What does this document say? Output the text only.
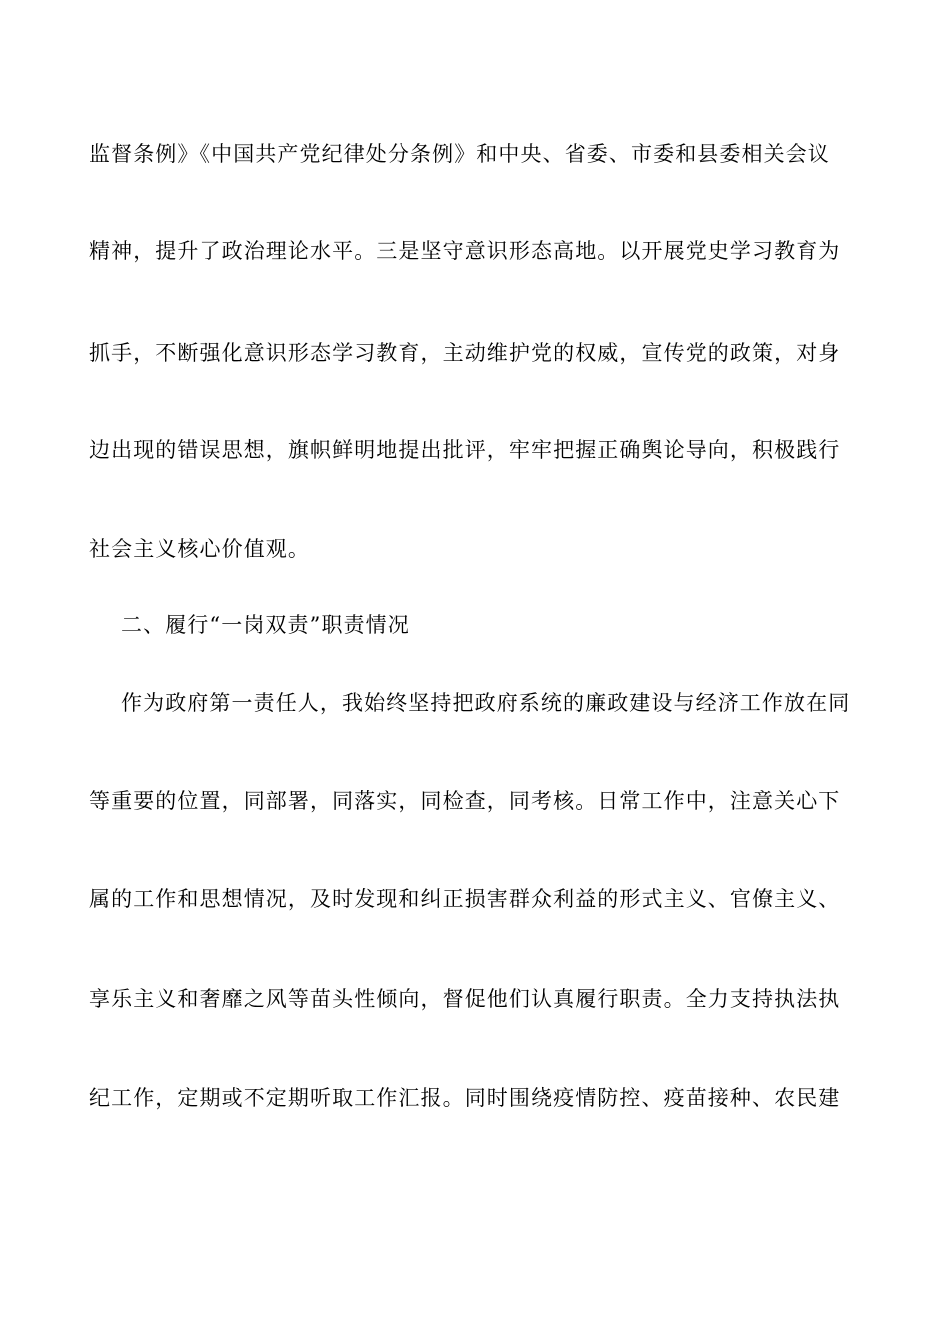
监督条例》《中国共产党纪律处分条例》和中央、省委、市委和县委相关会议
精神，提升了政治理论水平。三是坚守意识形态高地。以开展党史学习教育为
抓手，不断强化意识形态学习教育，主动维护党的权威，宣传党的政策，对身
边出现的错误思想，旗帜鲜明地提出批评，牢牢把握正确舆论导向，积极践行
社会主义核心价值观。
二、履行“一岗双责”职责情况
作为政府第一责任人，我始终坚持把政府系统的廉政建设与经济工作放在同
等重要的位置，同部署，同落实，同检查，同考核。日常工作中，注意关心下
属的工作和思想情况，及时发现和纠正损害群众利益的形式主义、官僚主义、
享乐主义和奢靡之风等苗头性倾向，督促他们认真履行职责。全力支持执法执
纪工作，定期或不定期听取工作汇报。同时围绕疫情防控、疫苗接种、农民建
